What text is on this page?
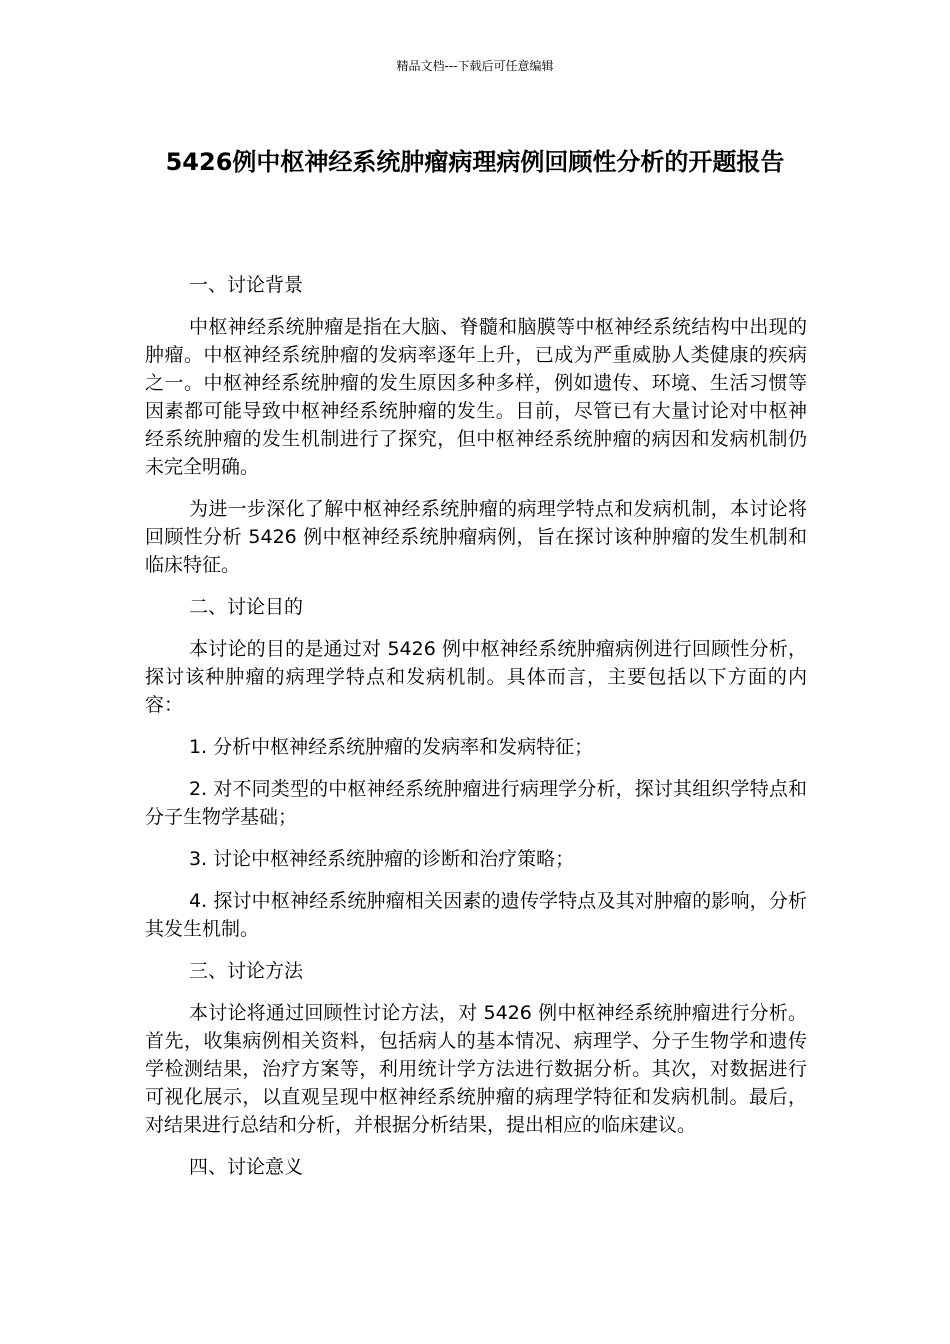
精品文档---下载后可任意编辑
5426例中枢神经系统肿瘤病理病例回顾性分析的开题报告

一、讨论背景

中枢神经系统肿瘤是指在大脑、脊髓和脑膜等中枢神经系统结构中出现的肿瘤。中枢神经系统肿瘤的发病率逐年上升，已成为严重威胁人类健康的疾病之一。中枢神经系统肿瘤的发生原因多种多样，例如遗传、环境、生活习惯等因素都可能导致中枢神经系统肿瘤的发生。目前，尽管已有大量讨论对中枢神经系统肿瘤的发生机制进行了探究，但中枢神经系统肿瘤的病因和发病机制仍未完全明确。

为进一步深化了解中枢神经系统肿瘤的病理学特点和发病机制，本讨论将回顾性分析 5426 例中枢神经系统肿瘤病例，旨在探讨该种肿瘤的发生机制和临床特征。

二、讨论目的

本讨论的目的是通过对 5426 例中枢神经系统肿瘤病例进行回顾性分析，探讨该种肿瘤的病理学特点和发病机制。具体而言，主要包括以下方面的内容：

1. 分析中枢神经系统肿瘤的发病率和发病特征；

2. 对不同类型的中枢神经系统肿瘤进行病理学分析，探讨其组织学特点和分子生物学基础；

3. 讨论中枢神经系统肿瘤的诊断和治疗策略；

4. 探讨中枢神经系统肿瘤相关因素的遗传学特点及其对肿瘤的影响，分析其发生机制。

三、讨论方法

本讨论将通过回顾性讨论方法，对 5426 例中枢神经系统肿瘤进行分析。首先，收集病例相关资料，包括病人的基本情况、病理学、分子生物学和遗传学检测结果，治疗方案等，利用统计学方法进行数据分析。其次，对数据进行可视化展示，以直观呈现中枢神经系统肿瘤的病理学特征和发病机制。最后，对结果进行总结和分析，并根据分析结果，提出相应的临床建议。

四、讨论意义
